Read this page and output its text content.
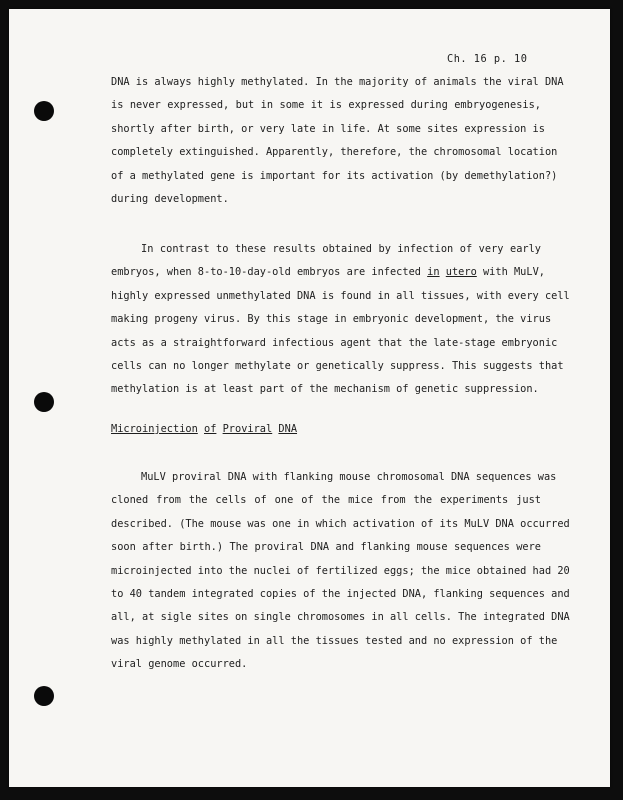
Ch. 16 p. 10
DNA is always highly methylated. In the majority of animals the viral DNA
is never expressed, but in some it is expressed during embryogenesis,
shortly after birth, or very late in life. At some sites expression is
completely extinguished. Apparently, therefore, the chromosomal location
of a methylated gene is important for its activation (by demethylation?)
during development.
In contrast to these results obtained by infection of very early
embryos, when 8-to-10-day-old embryos are infected in utero with MuLV,
highly expressed unmethylated DNA is found in all tissues, with every cell
making progeny virus. By this stage in embryonic development, the virus
acts as a straightforward infectious agent that the late-stage embryonic
cells can no longer methylate or genetically suppress. This suggests that
methylation is at least part of the mechanism of genetic suppression.
Microinjection of Proviral DNA
MuLV proviral DNA with flanking mouse chromosomal DNA sequences was
cloned from the cells of one of the mice from the experiments just
described. (The mouse was one in which activation of its MuLV DNA occurred
soon after birth.) The proviral DNA and flanking mouse sequences were
microinjected into the nuclei of fertilized eggs; the mice obtained had 20
to 40 tandem integrated copies of the injected DNA, flanking sequences and
all, at sigle sites on single chromosomes in all cells. The integrated DNA
was highly methylated in all the tissues tested and no expression of the
viral genome occurred.
